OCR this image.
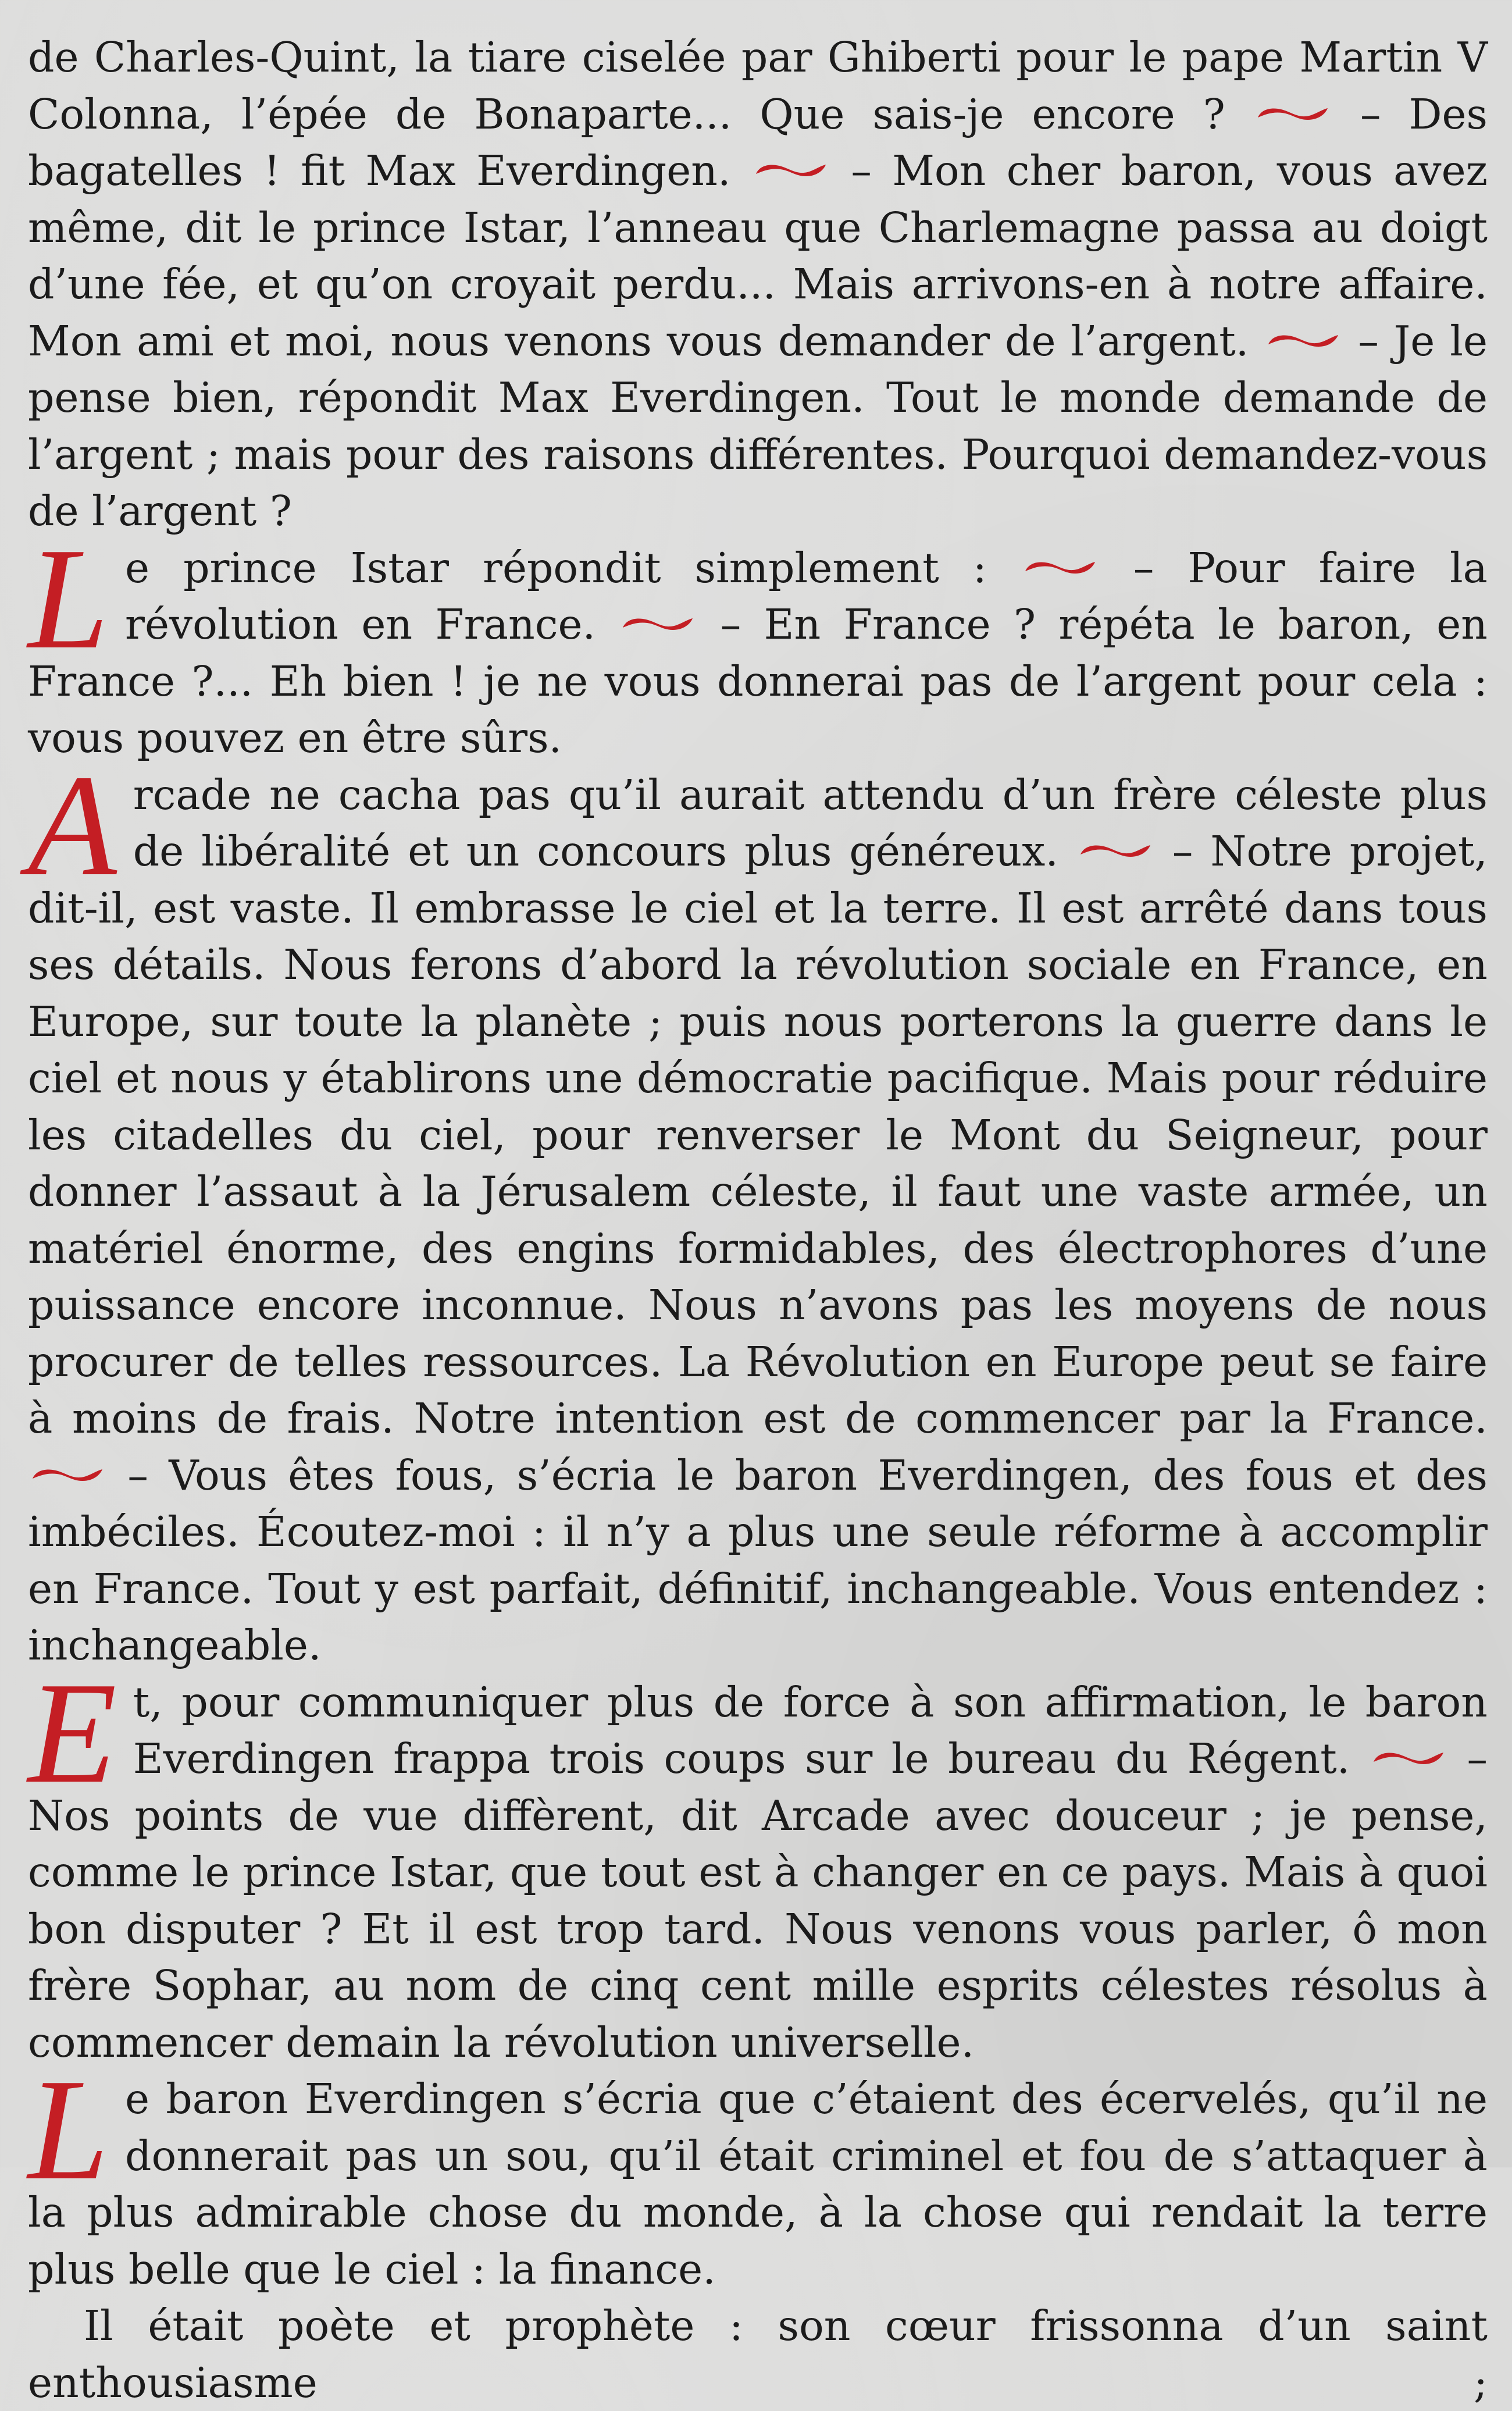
de Charles-Quint, la tiare ciselée par Ghiberti pour le pape Martin V Colonna, l’épée de Bonaparte... Que sais-je encore ?	– Des bagatelles ! fit Max Everdingen.	– Mon cher baron, vous avez même, dit le prince Istar, l’anneau que Charlemagne passa au doigt d’une fée, et qu’on croyait perdu... Mais arrivons-en à notre affaire. Mon ami et moi, nous venons vous demander de l’argent.	– Je le pense bien, répondit Max Everdingen. Tout le monde demande de l’argent ; mais pour des raisons différentes. Pourquoi demandez-vous de l’argent ?

Le prince Istar répondit simplement :	– Pour faire la révolution en France.	– En France ? répéta le baron, en France ?... Eh bien ! je ne vous donnerai pas de l’argent pour cela : vous pouvez en être sûrs.

Arcade ne cacha pas qu’il aurait attendu d’un frère céleste plus de libéralité et un concours plus généreux.	– Notre projet, dit-il, est vaste. Il embrasse le ciel et la terre. Il est arrêté dans tous ses détails. Nous ferons d’abord la révolution sociale en France, en Europe, sur toute la planète ; puis nous porterons la guerre dans le ciel et nous y établirons une démocratie pacifique. Mais pour réduire les citadelles du ciel, pour renverser le Mont du Seigneur, pour donner l’assaut à la Jérusalem céleste, il faut une vaste armée, un matériel énorme, des engins formidables, des électrophores d’une puissance encore inconnue. Nous n’avons pas les moyens de nous procurer de telles ressources. La Révolution en Europe peut se faire à moins de frais. Notre intention est de commencer par la France.  – Vous êtes fous, s’écria le baron Everdingen, des fous et des imbéciles. Écoutez-moi : il n’y a plus une seule réforme à accomplir en France. Tout y est parfait, définitif, inchangeable. Vous entendez : inchangeable.

Et, pour communiquer plus de force à son affirmation, le baron Everdingen frappa trois coups sur le bureau du Régent.	– Nos points de vue diffèrent, dit Arcade avec douceur ; je pense, comme le prince Istar, que tout est à changer en ce pays. Mais à quoi bon disputer ? Et il est trop tard. Nous venons vous parler, ô mon frère Sophar, au nom de cinq cent mille esprits célestes résolus à commencer demain la révolution universelle.

Le baron Everdingen s’écria que c’étaient des écervelés, qu’il ne donnerait pas un sou, qu’il était criminel et fou de s’attaquer à la plus admirable chose du monde, à la chose qui rendait la terre plus belle que le ciel : la finance.

Il était poète et prophète : son cœur frissonna d’un saint enthousiasme ;
